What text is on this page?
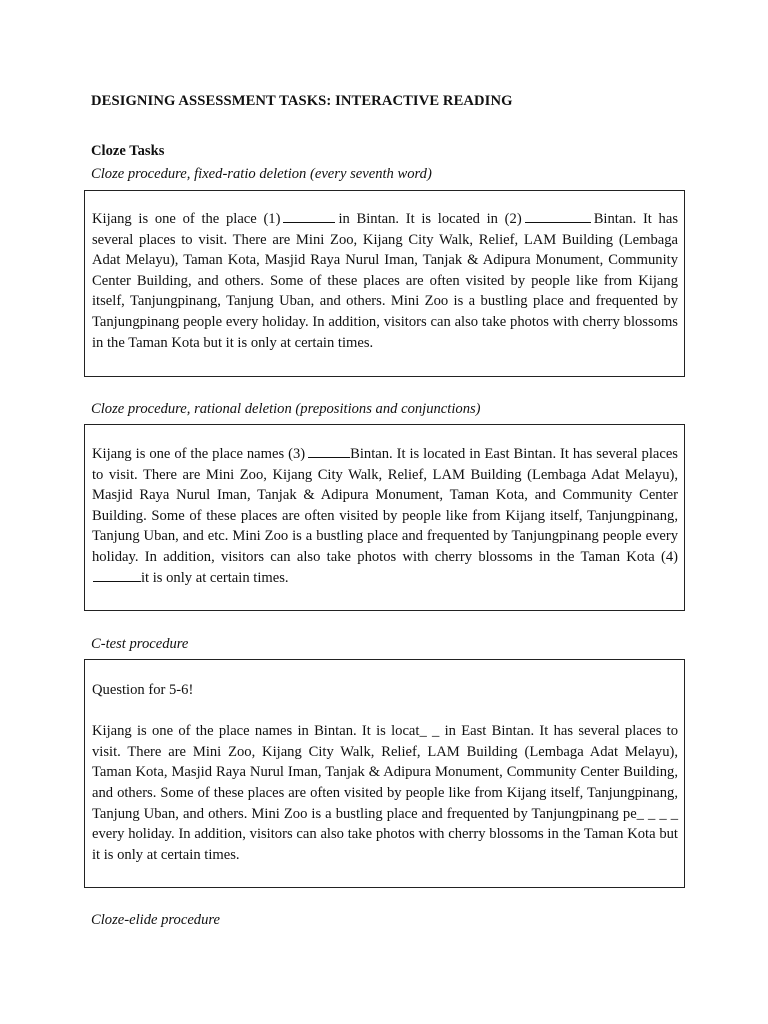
DESIGNING ASSESSMENT TASKS: INTERACTIVE READING
Cloze Tasks
Cloze procedure, fixed-ratio deletion (every seventh word)

Kijang is one of the place (1)	in Bintan. It is located in (2)	Bintan. It has several places to visit. There are Mini Zoo, Kijang City Walk, Relief, LAM Building (Lembaga Adat Melayu), Taman Kota, Masjid Raya Nurul Iman, Tanjak & Adipura Monument, Community Center Building, and others. Some of these places are often visited by people like from Kijang itself, Tanjungpinang, Tanjung Uban, and others. Mini Zoo is a bustling place and frequented by Tanjungpinang people every holiday. In addition, visitors can also take photos with cherry blossoms in the Taman Kota but it is only at certain times.

Cloze procedure, rational deletion (prepositions and conjunctions)

Kijang is one of the place names (3)	Bintan. It is located in East Bintan. It has several places to visit. There are Mini Zoo, Kijang City Walk, Relief, LAM Building (Lembaga Adat Melayu), Masjid Raya Nurul Iman, Tanjak & Adipura Monument, Taman Kota, and Community Center Building. Some of these places are often visited by people like from Kijang itself, Tanjungpinang, Tanjung Uban, and etc. Mini Zoo is a bustling place and frequented by Tanjungpinang people every holiday. In addition, visitors can also take photos with cherry blossoms in the Taman Kota (4)it is only at certain times.

C-test procedure

Question for 5-6!

Kijang is one of the place names in Bintan. It is locat_ _ in East Bintan. It has several places to visit. There are Mini Zoo, Kijang City Walk, Relief, LAM Building (Lembaga Adat Melayu), Taman Kota, Masjid Raya Nurul Iman, Tanjak & Adipura Monument, Community Center Building, and others. Some of these places are often visited by people like from Kijang itself, Tanjungpinang, Tanjung Uban, and others. Mini Zoo is a bustling place and frequented by Tanjungpinang pe_ _ _ _ every holiday. In addition, visitors can also take photos with cherry blossoms in the Taman Kota but it is only at certain times.

Cloze-elide procedure
